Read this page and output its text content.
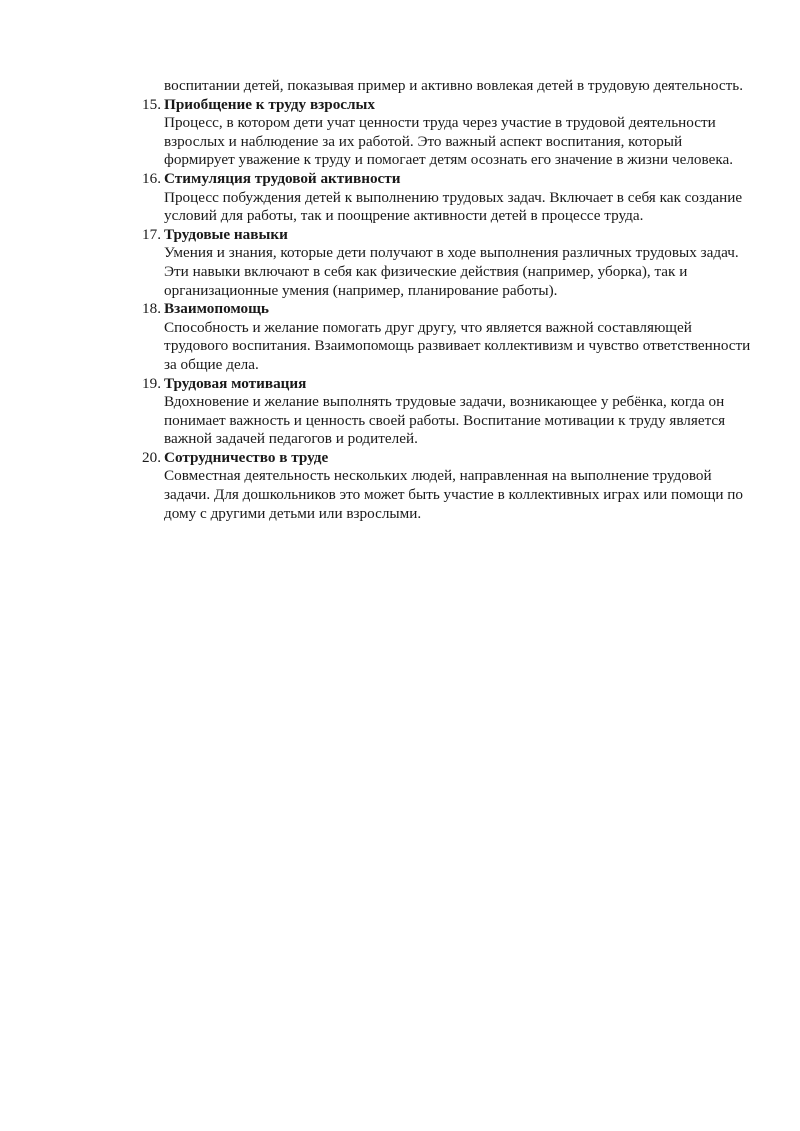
воспитании детей, показывая пример и активно вовлекая детей в трудовую деятельность.

15. Приобщение к труду взрослых
Процесс, в котором дети учат ценности труда через участие в трудовой деятельности взрослых и наблюдение за их работой. Это важный аспект воспитания, который формирует уважение к труду и помогает детям осознать его значение в жизни человека.
16. Стимуляция трудовой активности
Процесс побуждения детей к выполнению трудовых задач. Включает в себя как создание условий для работы, так и поощрение активности детей в процессе труда.
17. Трудовые навыки
Умения и знания, которые дети получают в ходе выполнения различных трудовых задач. Эти навыки включают в себя как физические действия (например, уборка), так и организационные умения (например, планирование работы).
18. Взаимопомощь
Способность и желание помогать друг другу, что является важной составляющей трудового воспитания. Взаимопомощь развивает коллективизм и чувство ответственности за общие дела.
19. Трудовая мотивация
Вдохновение и желание выполнять трудовые задачи, возникающее у ребёнка, когда он понимает важность и ценность своей работы. Воспитание мотивации к труду является важной задачей педагогов и родителей.
20. Сотрудничество в труде
Совместная деятельность нескольких людей, направленная на выполнение трудовой задачи. Для дошкольников это может быть участие в коллективных играх или помощи по дому с другими детьми или взрослыми.
